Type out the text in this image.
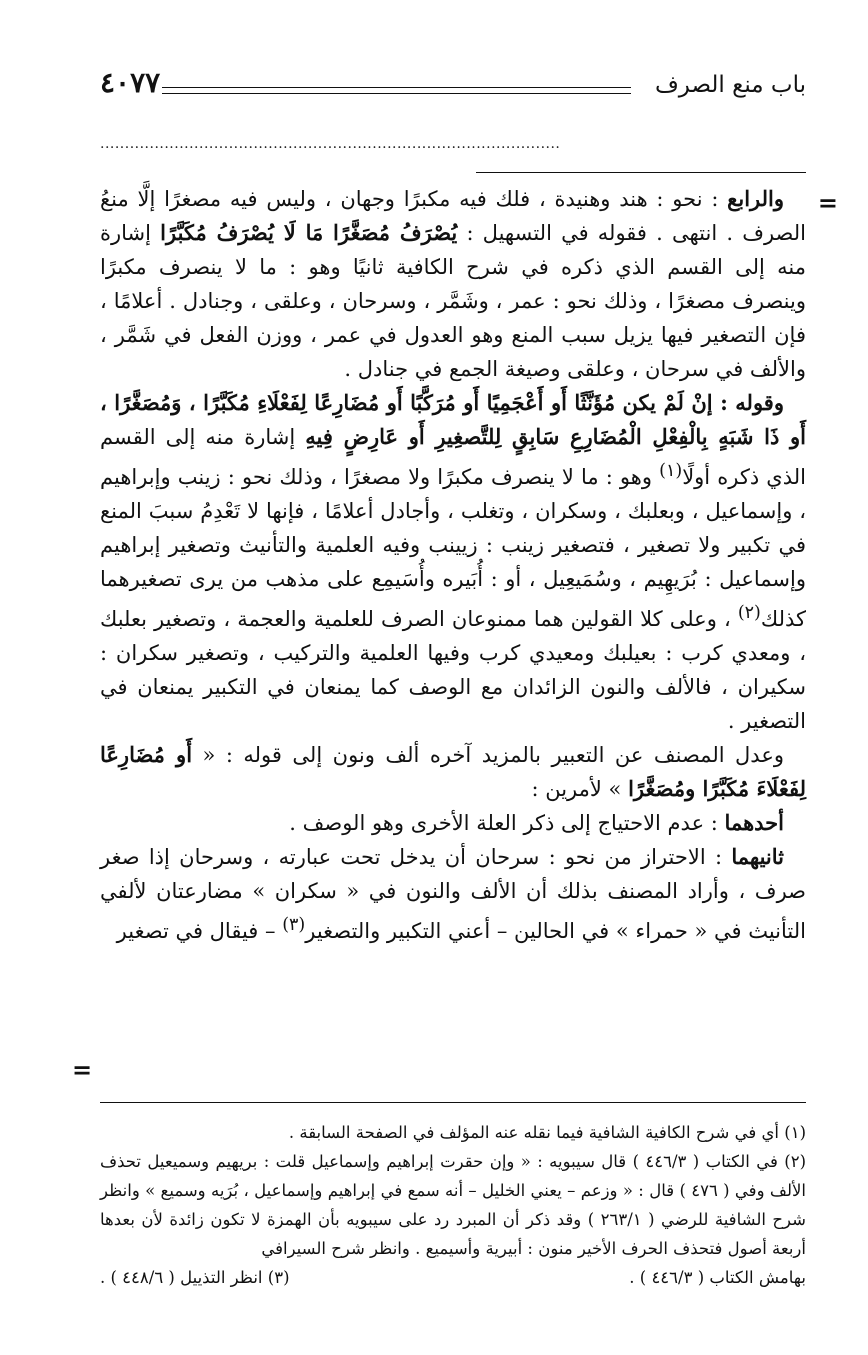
باب منع الصرف
٤٠٧٧
.............................................................................................

والرابع : نحو : هند وهنيدة ، فلك فيه مكبرًا وجهان ، وليس فيه مصغرًا إلَّا منعُ الصرف . انتهى . فقوله في التسهيل : يُصْرَفُ مُصَغَّرًا مَا لَا يُصْرَفُ مُكَبَّرًا إشارة منه إلى القسم الذي ذكره في شرح الكافية ثانيًا وهو : ما لا ينصرف مكبرًا وينصرف مصغرًا ، وذلك نحو : عمر ، وشَمَّر ، وسرحان ، وعلقى ، وجنادل . أعلامًا ، فإن التصغير فيها يزيل سبب المنع وهو العدول في عمر ، ووزن الفعل في شَمَّر ، والألف في سرحان ، وعلقى وصيغة الجمع في جنادل .

وقوله : إنْ لَمْ يكن مُؤَنَّثًا أَو أَعْجَمِيًا أَو مُرَكَّبًا أَو مُضَارِعًا لِفَعْلَاءِ مُكَبَّرًا ، وَمُصَغَّرًا ، أَو ذَا شَبَهٍ بِالْفِعْلِ الْمُضَارِعِ سَابِقٍ لِلتَّصغِيرِ أَو عَارِضٍ فِيهِ إشارة منه إلى القسم الذي ذكره أولًا$^{(١)}$ وهو : ما لا ينصرف مكبرًا ولا مصغرًا ، وذلك نحو : زينب وإبراهيم ، وإسماعيل ، وبعلبك ، وسكران ، وتغلب ، وأجادل أعلامًا ، فإنها لا تَعْدِمُ سببَ المنع في تكبير ولا تصغير ، فتصغير زينب : زيينب وفيه العلمية والتأنيث وتصغير إبراهيم وإسماعيل : بُرَيهِيم ، وسُمَيعِيل ، أو : أُبَيره وأُسَيمِع على مذهب من يرى تصغيرهما كذلك$^{(٢)}$ ، وعلى كلا القولين هما ممنوعان الصرف للعلمية والعجمة ، وتصغير بعلبك ، ومعدي كرب : بعيلبك ومعيدي كرب وفيها العلمية والتركيب ، وتصغير سكران : سكيران ، فالألف والنون الزائدان مع الوصف كما يمنعان في التكبير يمنعان في التصغير .

وعدل المصنف عن التعبير بالمزيد آخره ألف ونون إلى قوله : « أَو مُضَارِعًا لِفَعْلَاءَ مُكَبَّرًا ومُصَغَّرًا » لأمرين :

أحدهما : عدم الاحتياج إلى ذكر العلة الأخرى وهو الوصف .

ثانيهما : الاحتراز من نحو : سرحان أن يدخل تحت عبارته ، وسرحان إذا صغر صرف ، وأراد المصنف بذلك أن الألف والنون في « سكران » مضارعتان لألفي التأنيث في « حمراء » في الحالين – أعني التكبير والتصغير$^{(٣)}$ – فيقال في تصغير

(١) أي في شرح الكافية الشافية فيما نقله عنه المؤلف في الصفحة السابقة .

(٢) في الكتاب ( ٤٤٦/٣ ) قال سيبويه : « وإن حقرت إبراهيم وإسماعيل قلت : بريهيم وسميعيل تحذف الألف وفي ( ٤٧٦ ) قال : « وزعم – يعني الخليل – أنه سمع في إبراهيم وإسماعيل ، بُرَيه وسميع » وانظر شرح الشافية للرضي ( ٢٦٣/١ ) وقد ذكر أن المبرد رد على سيبويه بأن الهمزة لا تكون زائدة لأن بعدها أربعة أصول فتحذف الحرف الأخير منون : أبيرية وأسيميع . وانظر شرح السيرافي

بهامش الكتاب ( ٤٤٦/٣ ) .
(٣) انظر التذييل ( ٤٤٨/٦ ) .
=
=
